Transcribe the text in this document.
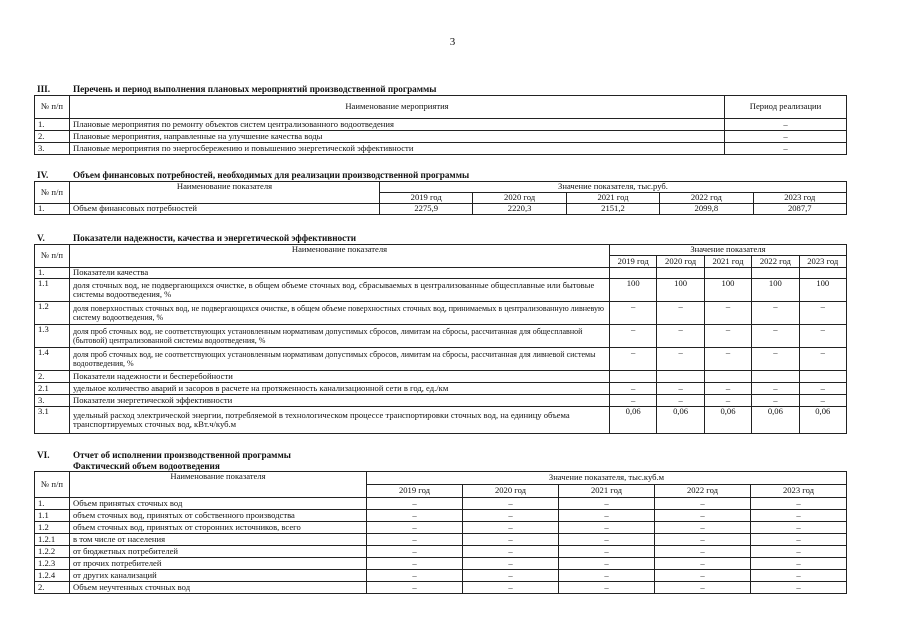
3
III.	Перечень и период выполнения плановых мероприятий производственной программы
№ п/п	Наименование мероприятия	Период реализации
1.	Плановые мероприятия по ремонту объектов систем централизованного водоотведения	–
2.	Плановые мероприятия, направленные на улучшение качества воды	–
3.	Плановые мероприятия по энергосбережению и повышению энергетической эффективности	–
IV.	Объем финансовых потребностей, необходимых для реализации производственной программы
№ п/п	Наименование показателя	Значение показателя, тыс.руб.				
		2019 год	2020 год	2021 год	2022 год	2023 год
1.	Объем финансовых потребностей	2275,9	2220,3	2151,2	2099,8	2087,7
V.	Показатели надежности, качества и энергетической эффективности
№ п/п	Наименование показателя	Значение показателя				
		2019 год	2020 год	2021 год	2022 год	2023 год
1.	Показатели качества					
1.1	доля сточных вод, не подвергающихся очистке, в общем объеме сточных вод, сбрасываемых в централизованные общесплавные или бытовые системы водоотведения, %	100	100	100	100	100
1.2	доля поверхностных сточных вод, не подвергающихся очистке, в общем объеме поверхностных сточных вод, принимаемых в централизованную ливневую систему водоотведения, %	–	–	–	–	–
1.3	доля проб сточных вод, не соответствующих установленным нормативам допустимых сбросов, лимитам на сбросы, рассчитанная для общесплавной (бытовой) централизованной системы водоотведения, %	–	–	–	–	–
1.4	доля проб сточных вод, не соответствующих установленным нормативам допустимых сбросов, лимитам на сбросы, рассчитанная для ливневой системы водоотведения, %	–	–	–	–	–
2.	Показатели надежности и бесперебойности					
2.1	удельное количество аварий и засоров в расчете на протяженность канализационной сети в год, ед./км	–	–	–	–	–
3.	Показатели энергетической эффективности	–	–	–	–	–
3.1	удельный расход электрической энергии, потребляемой в технологическом процессе транспортировки сточных вод, на единицу объема транспортируемых сточных вод, кВт.ч/куб.м	0,06	0,06	0,06	0,06	0,06
VI.	Отчет об исполнении производственной программы
Фактический объем водоотведения
№ п/п	Наименование показателя	Значение показателя, тыс.куб.м				
		2019 год	2020 год	2021 год	2022 год	2023 год
1.	Объем принятых сточных вод	–	–	–	–	–
1.1	объем сточных вод, принятых от собственного производства	–	–	–	–	–
1.2	объем сточных вод, принятых от сторонних источников, всего	–	–	–	–	–
1.2.1	в том числе от населения	–	–	–	–	–
1.2.2	от бюджетных потребителей	–	–	–	–	–
1.2.3	от прочих потребителей	–	–	–	–	–
1.2.4	от других канализаций	–	–	–	–	–
2.	Объем неучтенных сточных вод	–	–	–	–	–
